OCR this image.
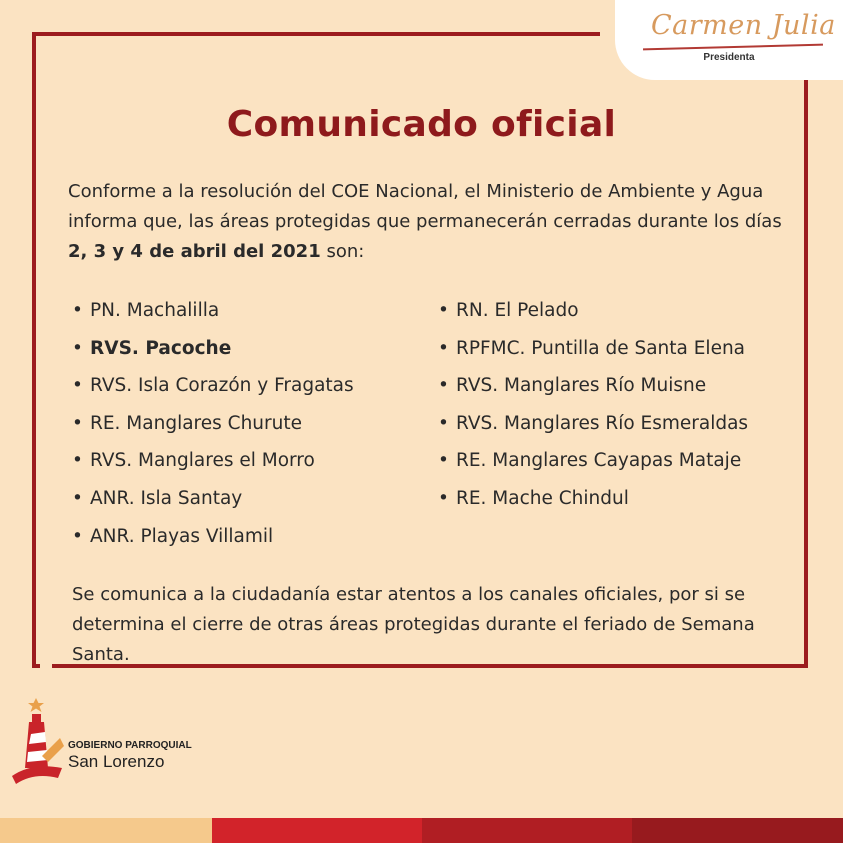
Carmen Julia
Presidenta
Comunicado oficial
Conforme a la resolución del COE Nacional, el Ministerio de Ambiente y Agua informa que, las áreas protegidas que permanecerán cerradas durante los días 2, 3 y 4 de abril del 2021 son:
• PN. Machalilla
• RVS. Pacoche
• RVS. Isla Corazón y Fragatas
• RE. Manglares Churute
• RVS. Manglares el Morro
• ANR. Isla Santay
• ANR. Playas Villamil
• RN. El Pelado
• RPFMC. Puntilla de Santa Elena
• RVS. Manglares Río Muisne
• RVS. Manglares Río Esmeraldas
• RE. Manglares Cayapas Mataje
• RE. Mache Chindul
Se comunica a la ciudadanía estar atentos a los canales oficiales, por si se determina el cierre de otras áreas protegidas durante el feriado de Semana Santa.
GOBIERNO PARROQUIAL
San Lorenzo
